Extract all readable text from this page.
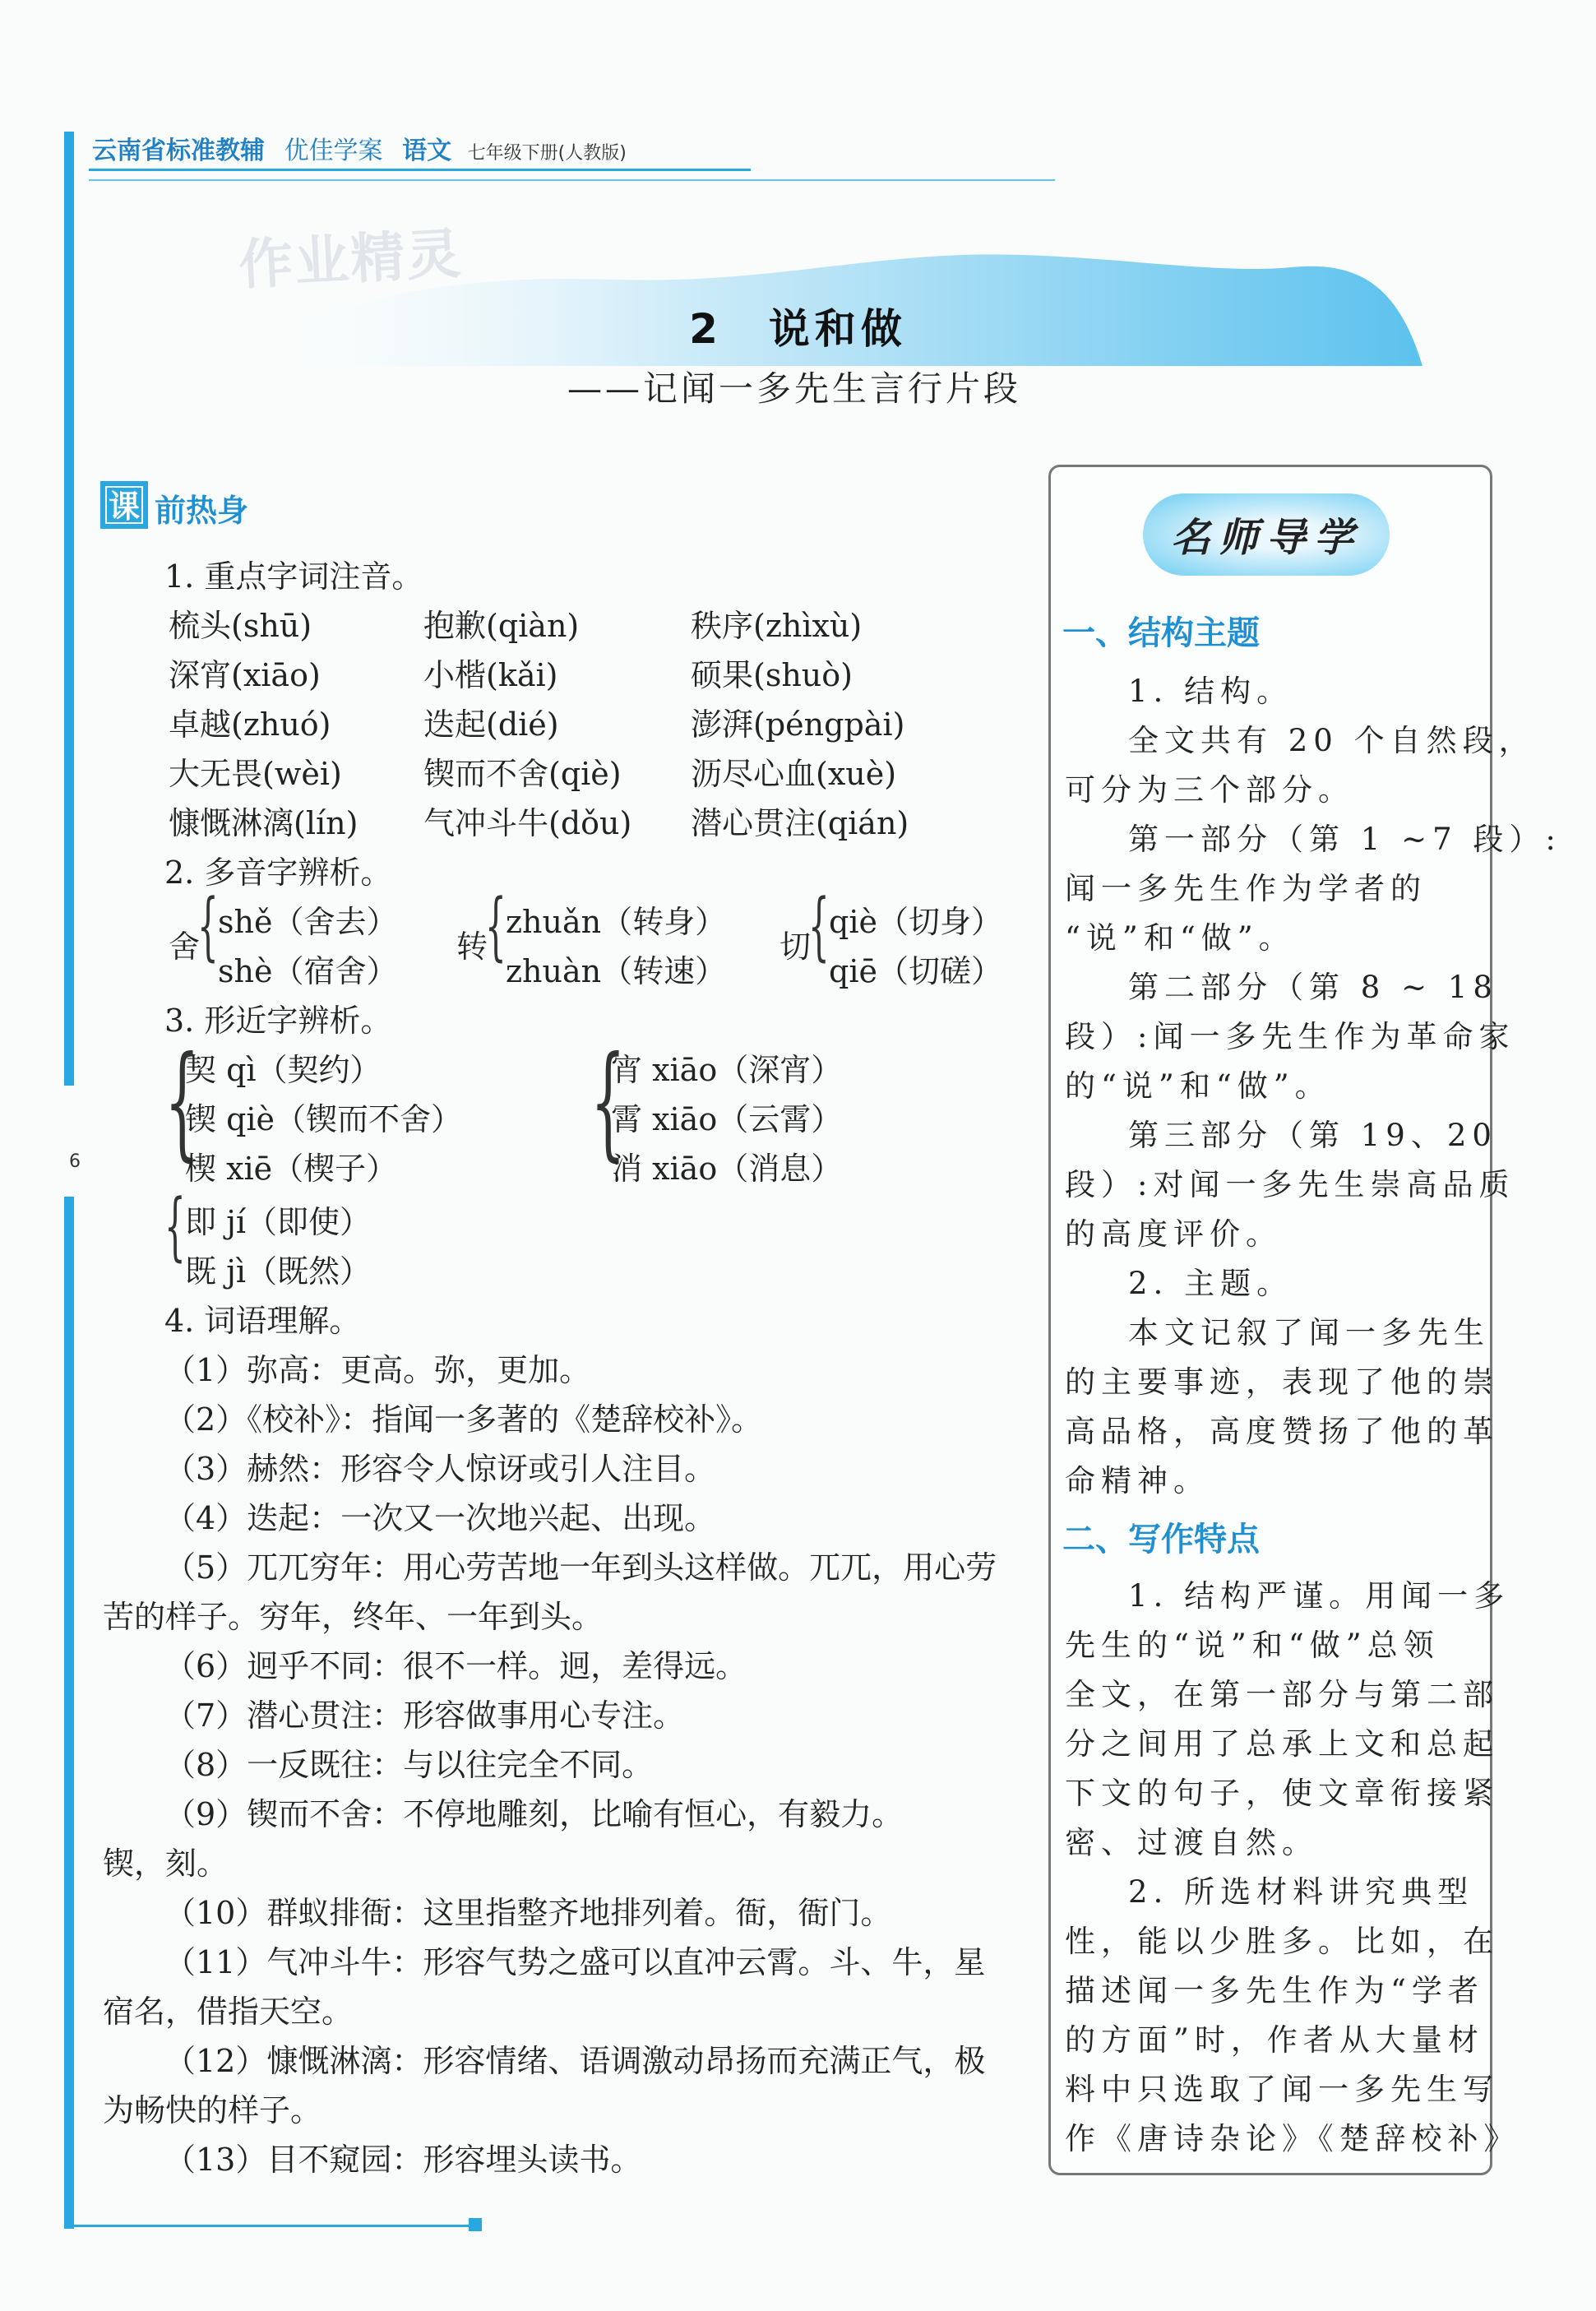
6
云南省标准教辅 优佳学案 语文 七年级下册(人教版)
作业精灵
2　说和做
——记闻一多先生言行片段
课 前热身
1. 重点字词注音。
梳头(shū)	抱歉(qiàn)	秩序(zhìxù)
深宵(xiāo)	小楷(kǎi)	硕果(shuò)
卓越(zhuó)	迭起(dié)	澎湃(péngpài)
大无畏(wèi)	锲而不舍(qiè) 沥尽心血(xuè)
慷慨淋漓(lín) 气冲斗牛(dǒu) 潜心贯注(qián)
2. 多音字辨析。
舍
{ shě（舍去）
shè（宿舍）
转
{ zhuǎn（转身）
zhuàn（转速）
切
{ qiè（切身）
qiē（切磋）
3. 形近字辨析。
{
契 qì（契约）
锲 qiè（锲而不舍）
楔 xiē（楔子） {
宵 xiāo（深宵）
霄 xiāo（云霄）
消 xiāo（消息）
{ 即 jí（即使）
既 jì（既然）
4. 词语理解。
（1）弥高：更高。弥，更加。
（2）《校补》：指闻一多著的《楚辞校补》。
（3）赫然：形容令人惊讶或引人注目。
（4）迭起：一次又一次地兴起、出现。
（5）兀兀穷年：用心劳苦地一年到头这样做。兀兀，用心劳
苦的样子。穷年，终年、一年到头。
（6）迥乎不同：很不一样。迥，差得远。
（7）潜心贯注：形容做事用心专注。
（8）一反既往：与以往完全不同。
（9）锲而不舍：不停地雕刻，比喻有恒心，有毅力。
锲，刻。
（10）群蚁排衙：这里指整齐地排列着。衙，衙门。
（11）气冲斗牛：形容气势之盛可以直冲云霄。斗、牛，星
宿名，借指天空。
（12）慷慨淋漓：形容情绪、语调激动昂扬而充满正气，极
为畅快的样子。
（13）目不窥园：形容埋头读书。
名师导学
一、结构主题
1. 结构。
全文共有 20 个自然段，
可分为三个部分。
第一部分（第 1 ~7 段）:
闻一多先生作为学者的
“说”和“做”。
第二部分（第 8 ~ 18
段）:闻一多先生作为革命家
的“说”和“做”。
第三部分（第 19、20
段）:对闻一多先生崇高品质
的高度评价。
2. 主题。
本文记叙了闻一多先生
的主要事迹，表现了他的崇
高品格，高度赞扬了他的革
命精神。
二、写作特点
1. 结构严谨。用闻一多
先生的“说”和“做”总领
全文，在第一部分与第二部
分之间用了总承上文和总起
下文的句子，使文章衔接紧
密、过渡自然。
2. 所选材料讲究典型
性，能以少胜多。比如，在
描述闻一多先生作为“学者
的方面”时，作者从大量材
料中只选取了闻一多先生写
作《唐诗杂论》《楚辞校补》
